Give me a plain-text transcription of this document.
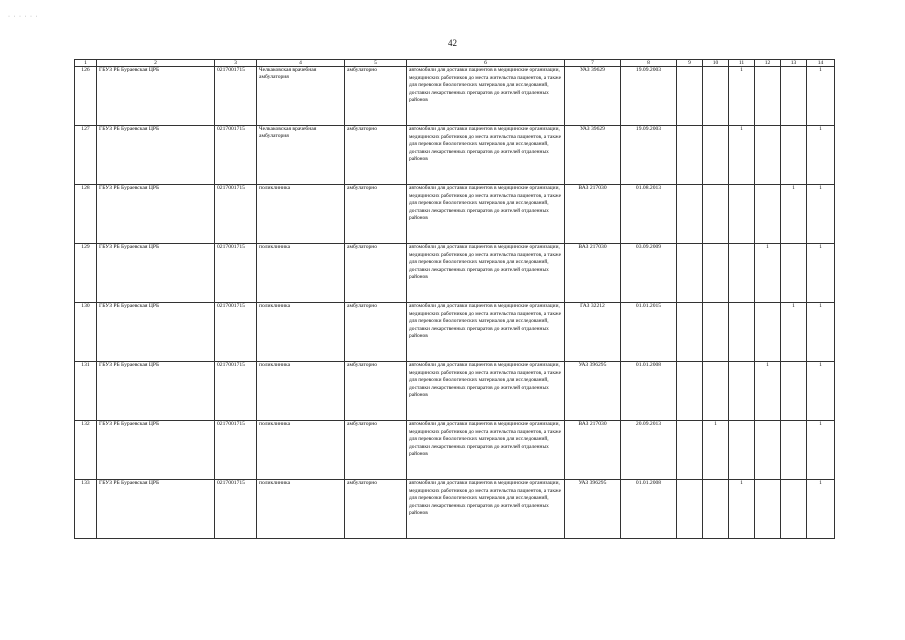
· · · · · ·
42
1	2	3	4	5	6	7	8	9	10	11	12	13	14
126	ГБУЗ РБ Бураевская ЦРБ	0217001715	Челкаковская врачебная амбулатория	амбулаторно	автомобили для доставки пациентов в медицинские организации, медицинских работников до места жительства пациентов, а также для перевозки биологических материалов для исследований, доставки лекарственных препаратов до жителей отдаленных районов	УАЗ 39629	19.09.2003			1			1
127	ГБУЗ РБ Бураевская ЦРБ	0217001715	Челкаковская врачебная амбулатория	амбулаторно	автомобили для доставки пациентов в медицинские организации, медицинских работников до места жительства пациентов, а также для перевозки биологических материалов для исследований, доставки лекарственных препаратов до жителей отдаленных районов	УАЗ 39629	19.09.2003			1			1
128	ГБУЗ РБ Бураевская ЦРБ	0217001715	поликлиника	амбулаторно	автомобили для доставки пациентов в медицинские организации, медицинских работников до места жительства пациентов, а также для перевозки биологических материалов для исследований, доставки лекарственных препаратов до жителей отдаленных районов	ВАЗ 217030	01.08.2013					1	1
129	ГБУЗ РБ Бураевская ЦРБ	0217001715	поликлиника	амбулаторно	автомобили для доставки пациентов в медицинские организации, медицинских работников до места жительства пациентов, а также для перевозки биологических материалов для исследований, доставки лекарственных препаратов до жителей отдаленных районов	ВАЗ 217030	03.09.2009				1		1
130	ГБУЗ РБ Бураевская ЦРБ	0217001715	поликлиника	амбулаторно	автомобили для доставки пациентов в медицинские организации, медицинских работников до места жительства пациентов, а также для перевозки биологических материалов для исследований, доставки лекарственных препаратов до жителей отдаленных районов	ГАЗ 32212	01.01.2015					1	1
131	ГБУЗ РБ Бураевская ЦРБ	0217001715	поликлиника	амбулаторно	автомобили для доставки пациентов в медицинские организации, медицинских работников до места жительства пациентов, а также для перевозки биологических материалов для исследований, доставки лекарственных препаратов до жителей отдаленных районов	УАЗ 396295	01.01.2008				1		1
132	ГБУЗ РБ Бураевская ЦРБ	0217001715	поликлиника	амбулаторно	автомобили для доставки пациентов в медицинские организации, медицинских работников до места жительства пациентов, а также для перевозки биологических материалов для исследований, доставки лекарственных препаратов до жителей отдаленных районов	ВАЗ 217030	20.09.2013		1				1
133	ГБУЗ РБ Бураевская ЦРБ	0217001715	поликлиника	амбулаторно	автомобили для доставки пациентов в медицинские организации, медицинских работников до места жительства пациентов, а также для перевозки биологических материалов для исследований, доставки лекарственных препаратов до жителей отдаленных районов	УАЗ 396295	01.01.2008			1			1
